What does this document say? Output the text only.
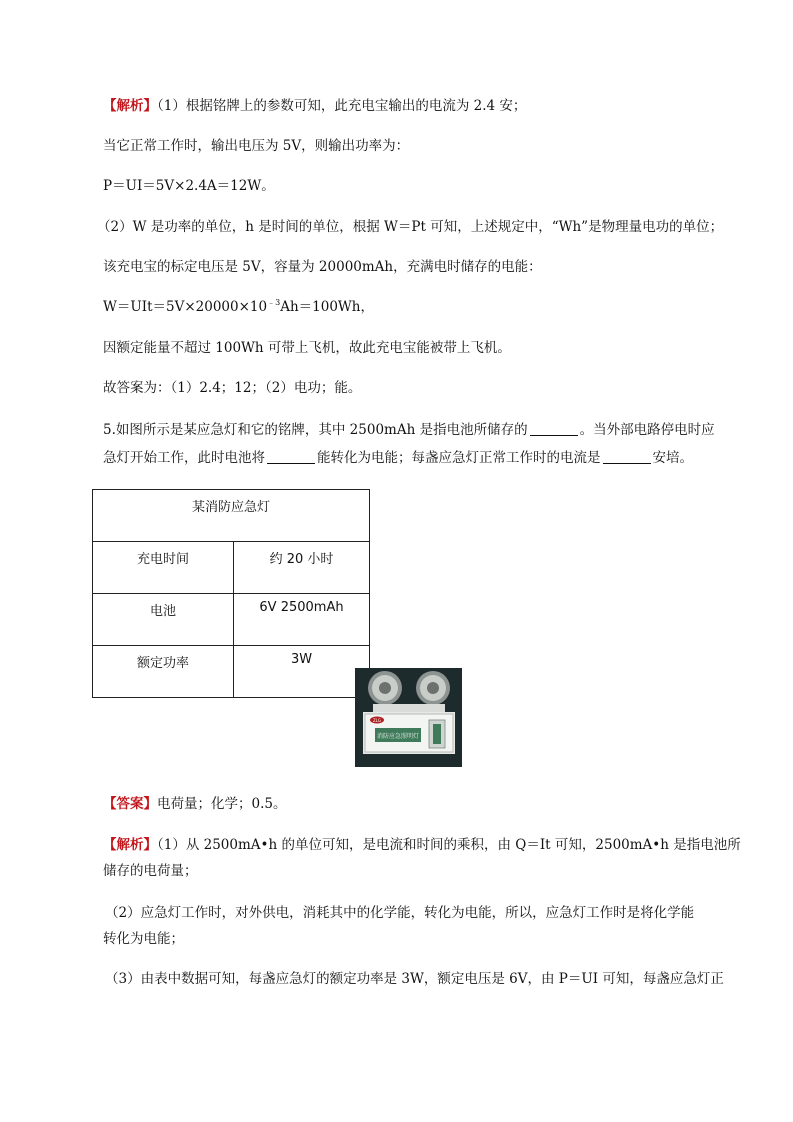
【解析】（1）根据铭牌上的参数可知，此充电宝输出的电流为 2.4 安；
当它正常工作时，输出电压为 5V，则输出功率为：
P＝UI＝5V×2.4A＝12W。
（2）W 是功率的单位，h 是时间的单位，根据 W＝Pt 可知，上述规定中，“Wh”是物理量电功的单位；
该充电宝的标定电压是 5V，容量为 20000mAh，充满电时储存的电能：
$W=UIt=5V\times 20000\times 10^{﹣3}Ah=100Wh$，
因额定能量不超过 100Wh 可带上飞机，故此充电宝能被带上飞机。
故答案为：（1）2.4；12；（2）电功；能。
5.如图所示是某应急灯和它的铭牌，其中 2500mAh 是指电池所储存的	。当外部电路停电时应
急灯开始工作，此时电池将	能转化为电能；每盏应急灯正常工作时的电流是	安培。
某消防应急灯	
充电时间	约 20 小时
电池	6V 2500mAh
额定功率	3W
ZLG
消防应急照明灯
【答案】电荷量；化学；0.5。
【解析】（1）从 2500mA•h 的单位可知，是电流和时间的乘积，由 Q＝It 可知，2500mA•h 是指电池所
储存的电荷量；
（2）应急灯工作时，对外供电，消耗其中的化学能，转化为电能，所以，应急灯工作时是将化学能
转化为电能；
（3）由表中数据可知，每盏应急灯的额定功率是 3W，额定电压是 6V，由 P＝UI 可知，每盏应急灯正
